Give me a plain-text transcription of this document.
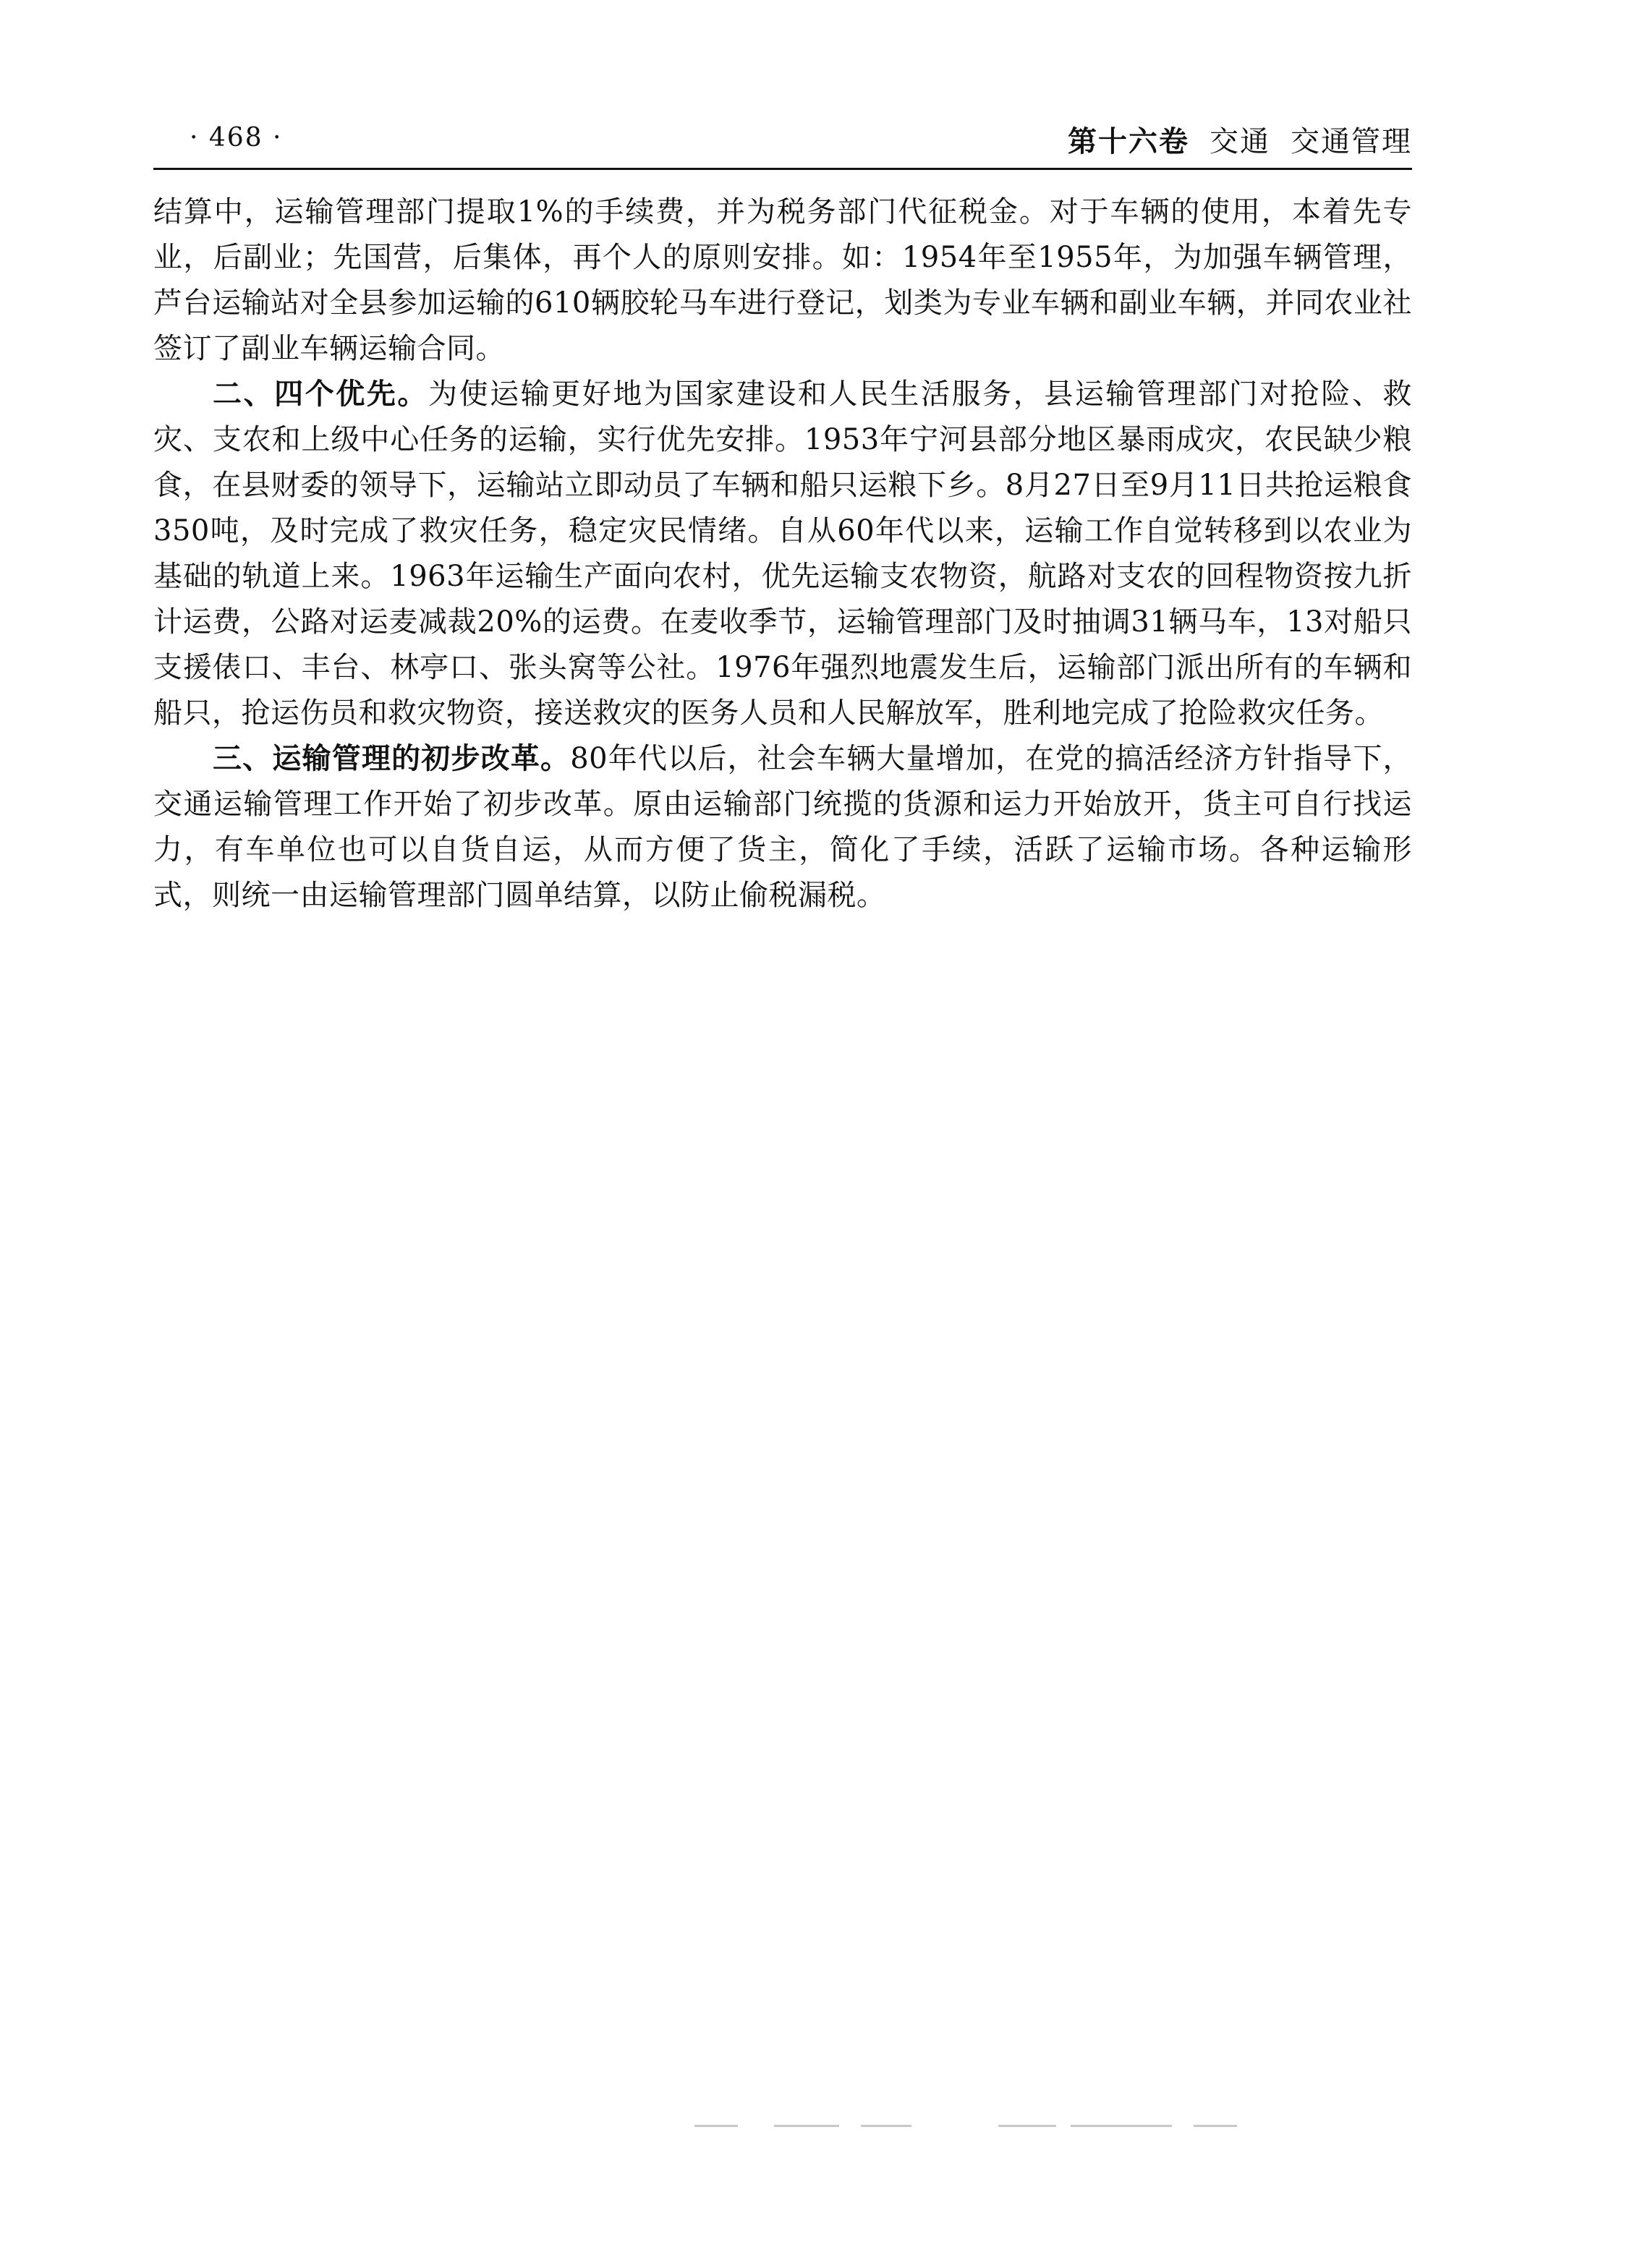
· 468 ·	第十六卷 交通 交通管理

结算中，运输管理部门提取1%的手续费，并为税务部门代征税金。对于车辆的使用，本着先专业，后副业；先国营，后集体，再个人的原则安排。如：1954年至1955年，为加强车辆管理，芦台运输站对全县参加运输的610辆胶轮马车进行登记，划类为专业车辆和副业车辆，并同农业社签订了副业车辆运输合同。

二、四个优先。为使运输更好地为国家建设和人民生活服务，县运输管理部门对抢险、救灾、支农和上级中心任务的运输，实行优先安排。1953年宁河县部分地区暴雨成灾，农民缺少粮食，在县财委的领导下，运输站立即动员了车辆和船只运粮下乡。8月27日至9月11日共抢运粮食350吨，及时完成了救灾任务，稳定灾民情绪。自从60年代以来，运输工作自觉转移到以农业为基础的轨道上来。1963年运输生产面向农村，优先运输支农物资，航路对支农的回程物资按九折计运费，公路对运麦减裁20%的运费。在麦收季节，运输管理部门及时抽调31辆马车，13对船只支援俵口、丰台、林亭口、张头窝等公社。1976年强烈地震发生后，运输部门派出所有的车辆和船只，抢运伤员和救灾物资，接送救灾的医务人员和人民解放军，胜利地完成了抢险救灾任务。

三、运输管理的初步改革。80年代以后，社会车辆大量增加，在党的搞活经济方针指导下，交通运输管理工作开始了初步改革。原由运输部门统揽的货源和运力开始放开，货主可自行找运力，有车单位也可以自货自运，从而方便了货主，简化了手续，活跃了运输市场。各种运输形式，则统一由运输管理部门圆单结算，以防止偷税漏税。
